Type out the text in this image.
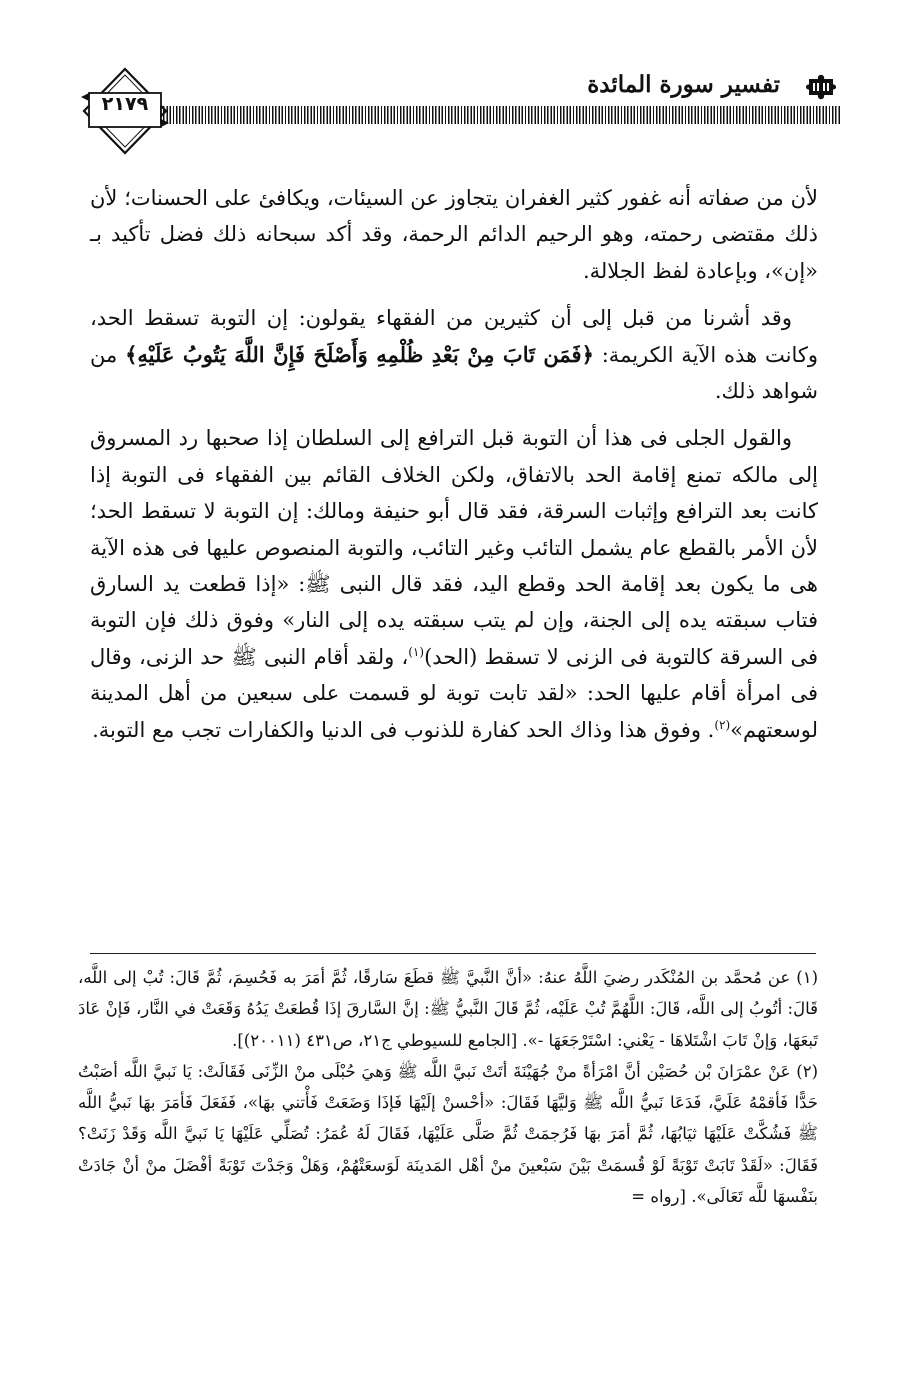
٢١٧٩
تفسير سورة المائدة

لأن من صفاته أنه غفور كثير الغفران يتجاوز عن السيئات، ويكافئ على الحسنات؛ لأن ذلك مقتضى رحمته، وهو الرحيم الدائم الرحمة، وقد أكد سبحانه ذلك فضل تأكيد بـ «إن»، وبإعادة لفظ الجلالة.

وقد أشرنا من قبل إلى أن كثيرين من الفقهاء يقولون: إن التوبة تسقط الحد، وكانت هذه الآية الكريمة: ﴿فَمَن تَابَ مِنْ بَعْدِ ظُلْمِهِ وَأَصْلَحَ فَإِنَّ اللَّهَ يَتُوبُ عَلَيْهِ﴾ من شواهد ذلك.

والقول الجلى فى هذا أن التوبة قبل الترافع إلى السلطان إذا صحبها رد المسروق إلى مالكه تمنع إقامة الحد بالاتفاق، ولكن الخلاف القائم بين الفقهاء فى التوبة إذا كانت بعد الترافع وإثبات السرقة، فقد قال أبو حنيفة ومالك: إن التوبة لا تسقط الحد؛ لأن الأمر بالقطع عام يشمل التائب وغير التائب، والتوبة المنصوص عليها فى هذه الآية هى ما يكون بعد إقامة الحد وقطع اليد، فقد قال النبى ﷺ: «إذا قطعت يد السارق فتاب سبقته يده إلى الجنة، وإن لم يتب سبقته يده إلى النار» وفوق ذلك فإن التوبة فى السرقة كالتوبة فى الزنى لا تسقط (الحد)$^{(١)}$، ولقد أقام النبى ﷺ حد الزنى، وقال فى امرأة أقام عليها الحد: «لقد تابت توبة لو قسمت على سبعين من أهل المدينة لوسعتهم»$^{(٢)}$. وفوق هذا وذاك الحد كفارة للذنوب فى الدنيا والكفارات تجب مع التوبة.

(١) عن مُحمَّد بن المُنْكَدر رضيَ اللَّهُ عنهُ: «أنَّ النَّبيَّ ﷺ قطَعَ سَارقًا، ثُمَّ أمَرَ به فَحُسِمَ، ثُمَّ قَالَ: تُبْ إلى اللَّه، قَالَ: أتُوبُ إلى اللَّه، قَالَ: اللَّهُمَّ تُبْ عَلَيْه، ثُمَّ قَالَ النَّبيُّ ﷺ: إنَّ السَّارقَ إذَا قُطعَتْ يَدُهُ وَقَعَتْ في النَّار، فَإنْ عَادَ تَبعَهَا، وَإنْ تَابَ اشْتَلاهَا - يَعْني: اسْتَرْجَعَهَا -». [الجامع للسيوطي ج٢١، ص٤٣١ (٢٠٠١١)].

(٢) عَنْ عمْرَانَ بْن حُصَيْن أنَّ امْرَأةً منْ جُهَيْنَةَ أتَتْ نَبيَّ اللَّه ﷺ وَهيَ حُبْلَى منْ الزِّنَى فَقَالَتْ: يَا نَبيَّ اللَّه أصَبْتُ حَدًّا فَأقمْهُ عَلَيَّ، فَدَعَا نَبيُّ اللَّه ﷺ وَليَّهَا فَقَالَ: «أحْسنْ إلَيْهَا فَإذَا وَضَعَتْ فَأْتني بهَا»، فَفَعَلَ فَأمَرَ بهَا نَبيُّ اللَّه ﷺ فَشُكَّتْ عَلَيْهَا ثيَابُهَا، ثُمَّ أمَرَ بهَا فَرُجمَتْ ثُمَّ صَلَّى عَلَيْهَا، فَقَالَ لَهُ عُمَرُ: تُصَلِّي عَلَيْهَا يَا نَبيَّ اللَّه وَقَدْ زَنَتْ؟ فَقَالَ: «لَقَدْ تَابَتْ تَوْبَةً لَوْ قُسمَتْ بَيْنَ سَبْعينَ منْ أهْل المَدينَة لَوَسعَتْهُمْ، وَهَلْ وَجَدْتَ تَوْبَةً أفْضَلَ منْ أنْ جَادَتْ بنَفْسهَا للَّه تَعَالَى». [رواه =
